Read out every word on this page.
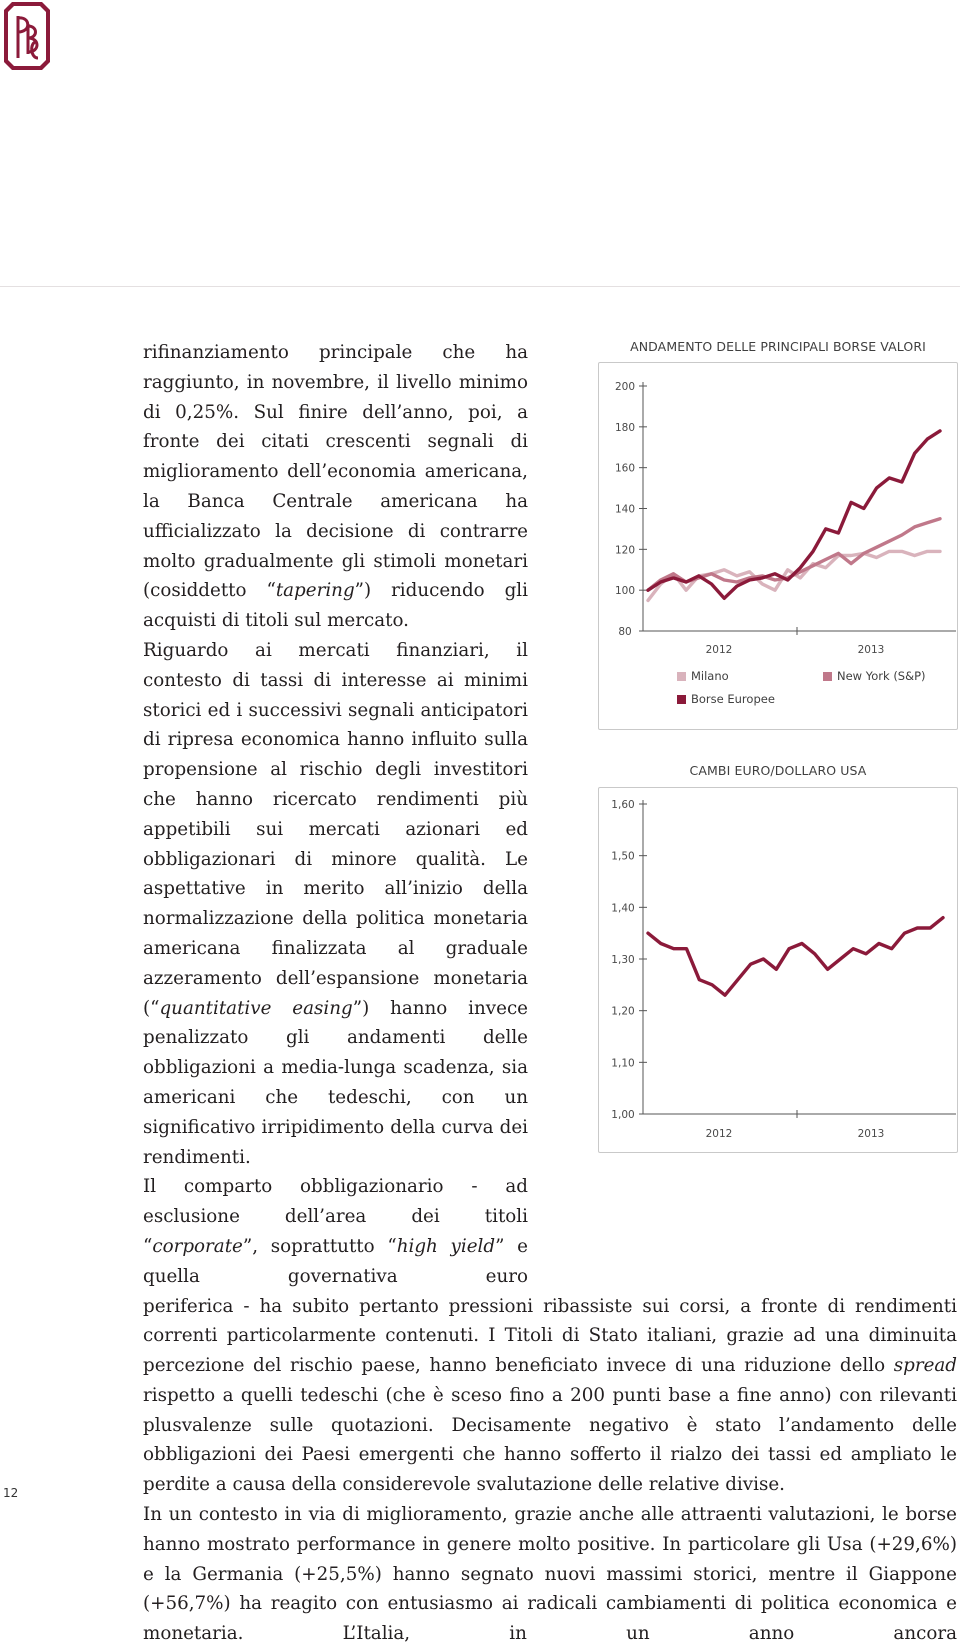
rifinanziamento principale che ha raggiunto, in novembre, il livello minimo di 0,25%. Sul finire dell’anno, poi, a fronte dei citati crescenti segnali di miglioramento dell’economia americana, la Banca Centrale americana ha ufficializzato la decisione di contrarre molto gradualmente gli stimoli monetari (cosiddetto “tapering”) riducendo gli acquisti di titoli sul mercato.

Riguardo ai mercati finanziari, il contesto di tassi di interesse ai minimi storici ed i successivi segnali anticipatori di ripresa economica hanno influito sulla propensione al rischio degli investitori che hanno ricercato rendimenti più appetibili sui mercati azionari ed obbligazionari di minore qualità. Le aspettative in merito all’inizio della normalizzazione della politica monetaria americana finalizzata al graduale azzeramento dell’espansione monetaria (“quantitative easing”) hanno invece penalizzato gli andamenti delle obbligazioni a media-lunga scadenza, sia americani che tedeschi, con un significativo irripidimento della curva dei rendimenti.

Il comparto obbligazionario - ad esclusione dell’area dei titoli “corporate”, soprattutto “high yield” e quella governativa euro

periferica - ha subito pertanto pressioni ribassiste sui corsi, a fronte di rendimenti correnti particolarmente contenuti. I Titoli di Stato italiani, grazie ad una diminuita percezione del rischio paese, hanno beneficiato invece di una riduzione dello spread rispetto a quelli tedeschi (che è sceso fino a 200 punti base a fine anno) con rilevanti plusvalenze sulle quotazioni. Decisamente negativo è stato l’andamento delle obbligazioni dei Paesi emergenti che hanno sofferto il rialzo dei tassi ed ampliato le perdite a causa della considerevole svalutazione delle relative divise.

In un contesto in via di miglioramento, grazie anche alle attraenti valutazioni, le borse hanno mostrato performance in genere molto positive. In particolare gli Usa (+29,6%) e la Germania (+25,5%) hanno segnato nuovi massimi storici, mentre il Giappone (+56,7%) ha reagito con entusiasmo ai radicali cambiamenti di politica economica e monetaria. L’Italia, in un anno ancora

ANDAMENTO DELLE PRINCIPALI BORSE VALORI
200
180
160
140
120
100
80
2012	2013
Milano	New York (S&P)
Borse Europee
CAMBI EURO/DOLLARO USA
1,60
1,50
1,40
1,30
1,20
1,10
1,00
2012	2013
12
